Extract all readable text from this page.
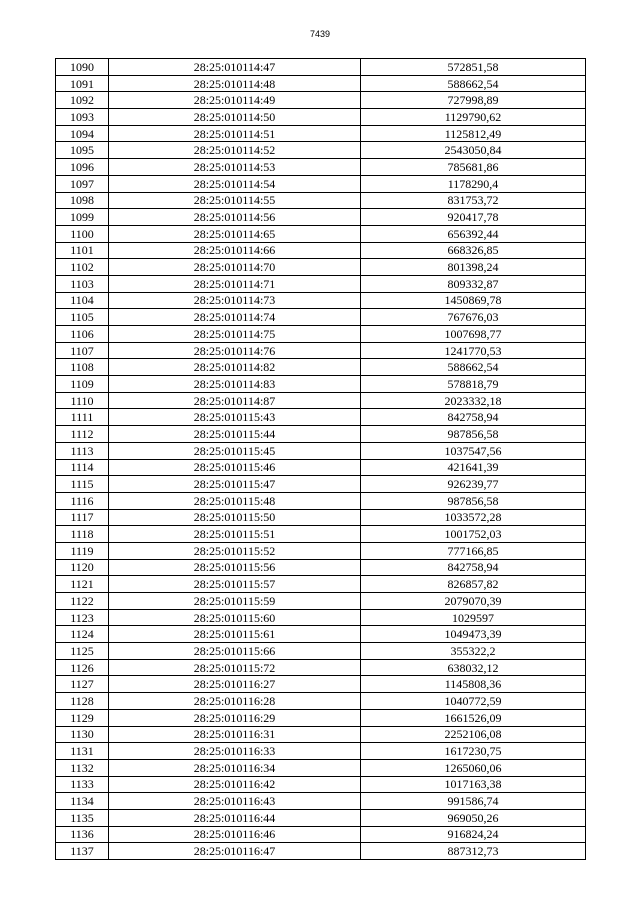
7439
1090	28:25:010114:47	572851,58
1091	28:25:010114:48	588662,54
1092	28:25:010114:49	727998,89
1093	28:25:010114:50	1129790,62
1094	28:25:010114:51	1125812,49
1095	28:25:010114:52	2543050,84
1096	28:25:010114:53	785681,86
1097	28:25:010114:54	1178290,4
1098	28:25:010114:55	831753,72
1099	28:25:010114:56	920417,78
1100	28:25:010114:65	656392,44
1101	28:25:010114:66	668326,85
1102	28:25:010114:70	801398,24
1103	28:25:010114:71	809332,87
1104	28:25:010114:73	1450869,78
1105	28:25:010114:74	767676,03
1106	28:25:010114:75	1007698,77
1107	28:25:010114:76	1241770,53
1108	28:25:010114:82	588662,54
1109	28:25:010114:83	578818,79
1110	28:25:010114:87	2023332,18
1111	28:25:010115:43	842758,94
1112	28:25:010115:44	987856,58
1113	28:25:010115:45	1037547,56
1114	28:25:010115:46	421641,39
1115	28:25:010115:47	926239,77
1116	28:25:010115:48	987856,58
1117	28:25:010115:50	1033572,28
1118	28:25:010115:51	1001752,03
1119	28:25:010115:52	777166,85
1120	28:25:010115:56	842758,94
1121	28:25:010115:57	826857,82
1122	28:25:010115:59	2079070,39
1123	28:25:010115:60	1029597
1124	28:25:010115:61	1049473,39
1125	28:25:010115:66	355322,2
1126	28:25:010115:72	638032,12
1127	28:25:010116:27	1145808,36
1128	28:25:010116:28	1040772,59
1129	28:25:010116:29	1661526,09
1130	28:25:010116:31	2252106,08
1131	28:25:010116:33	1617230,75
1132	28:25:010116:34	1265060,06
1133	28:25:010116:42	1017163,38
1134	28:25:010116:43	991586,74
1135	28:25:010116:44	969050,26
1136	28:25:010116:46	916824,24
1137	28:25:010116:47	887312,73
